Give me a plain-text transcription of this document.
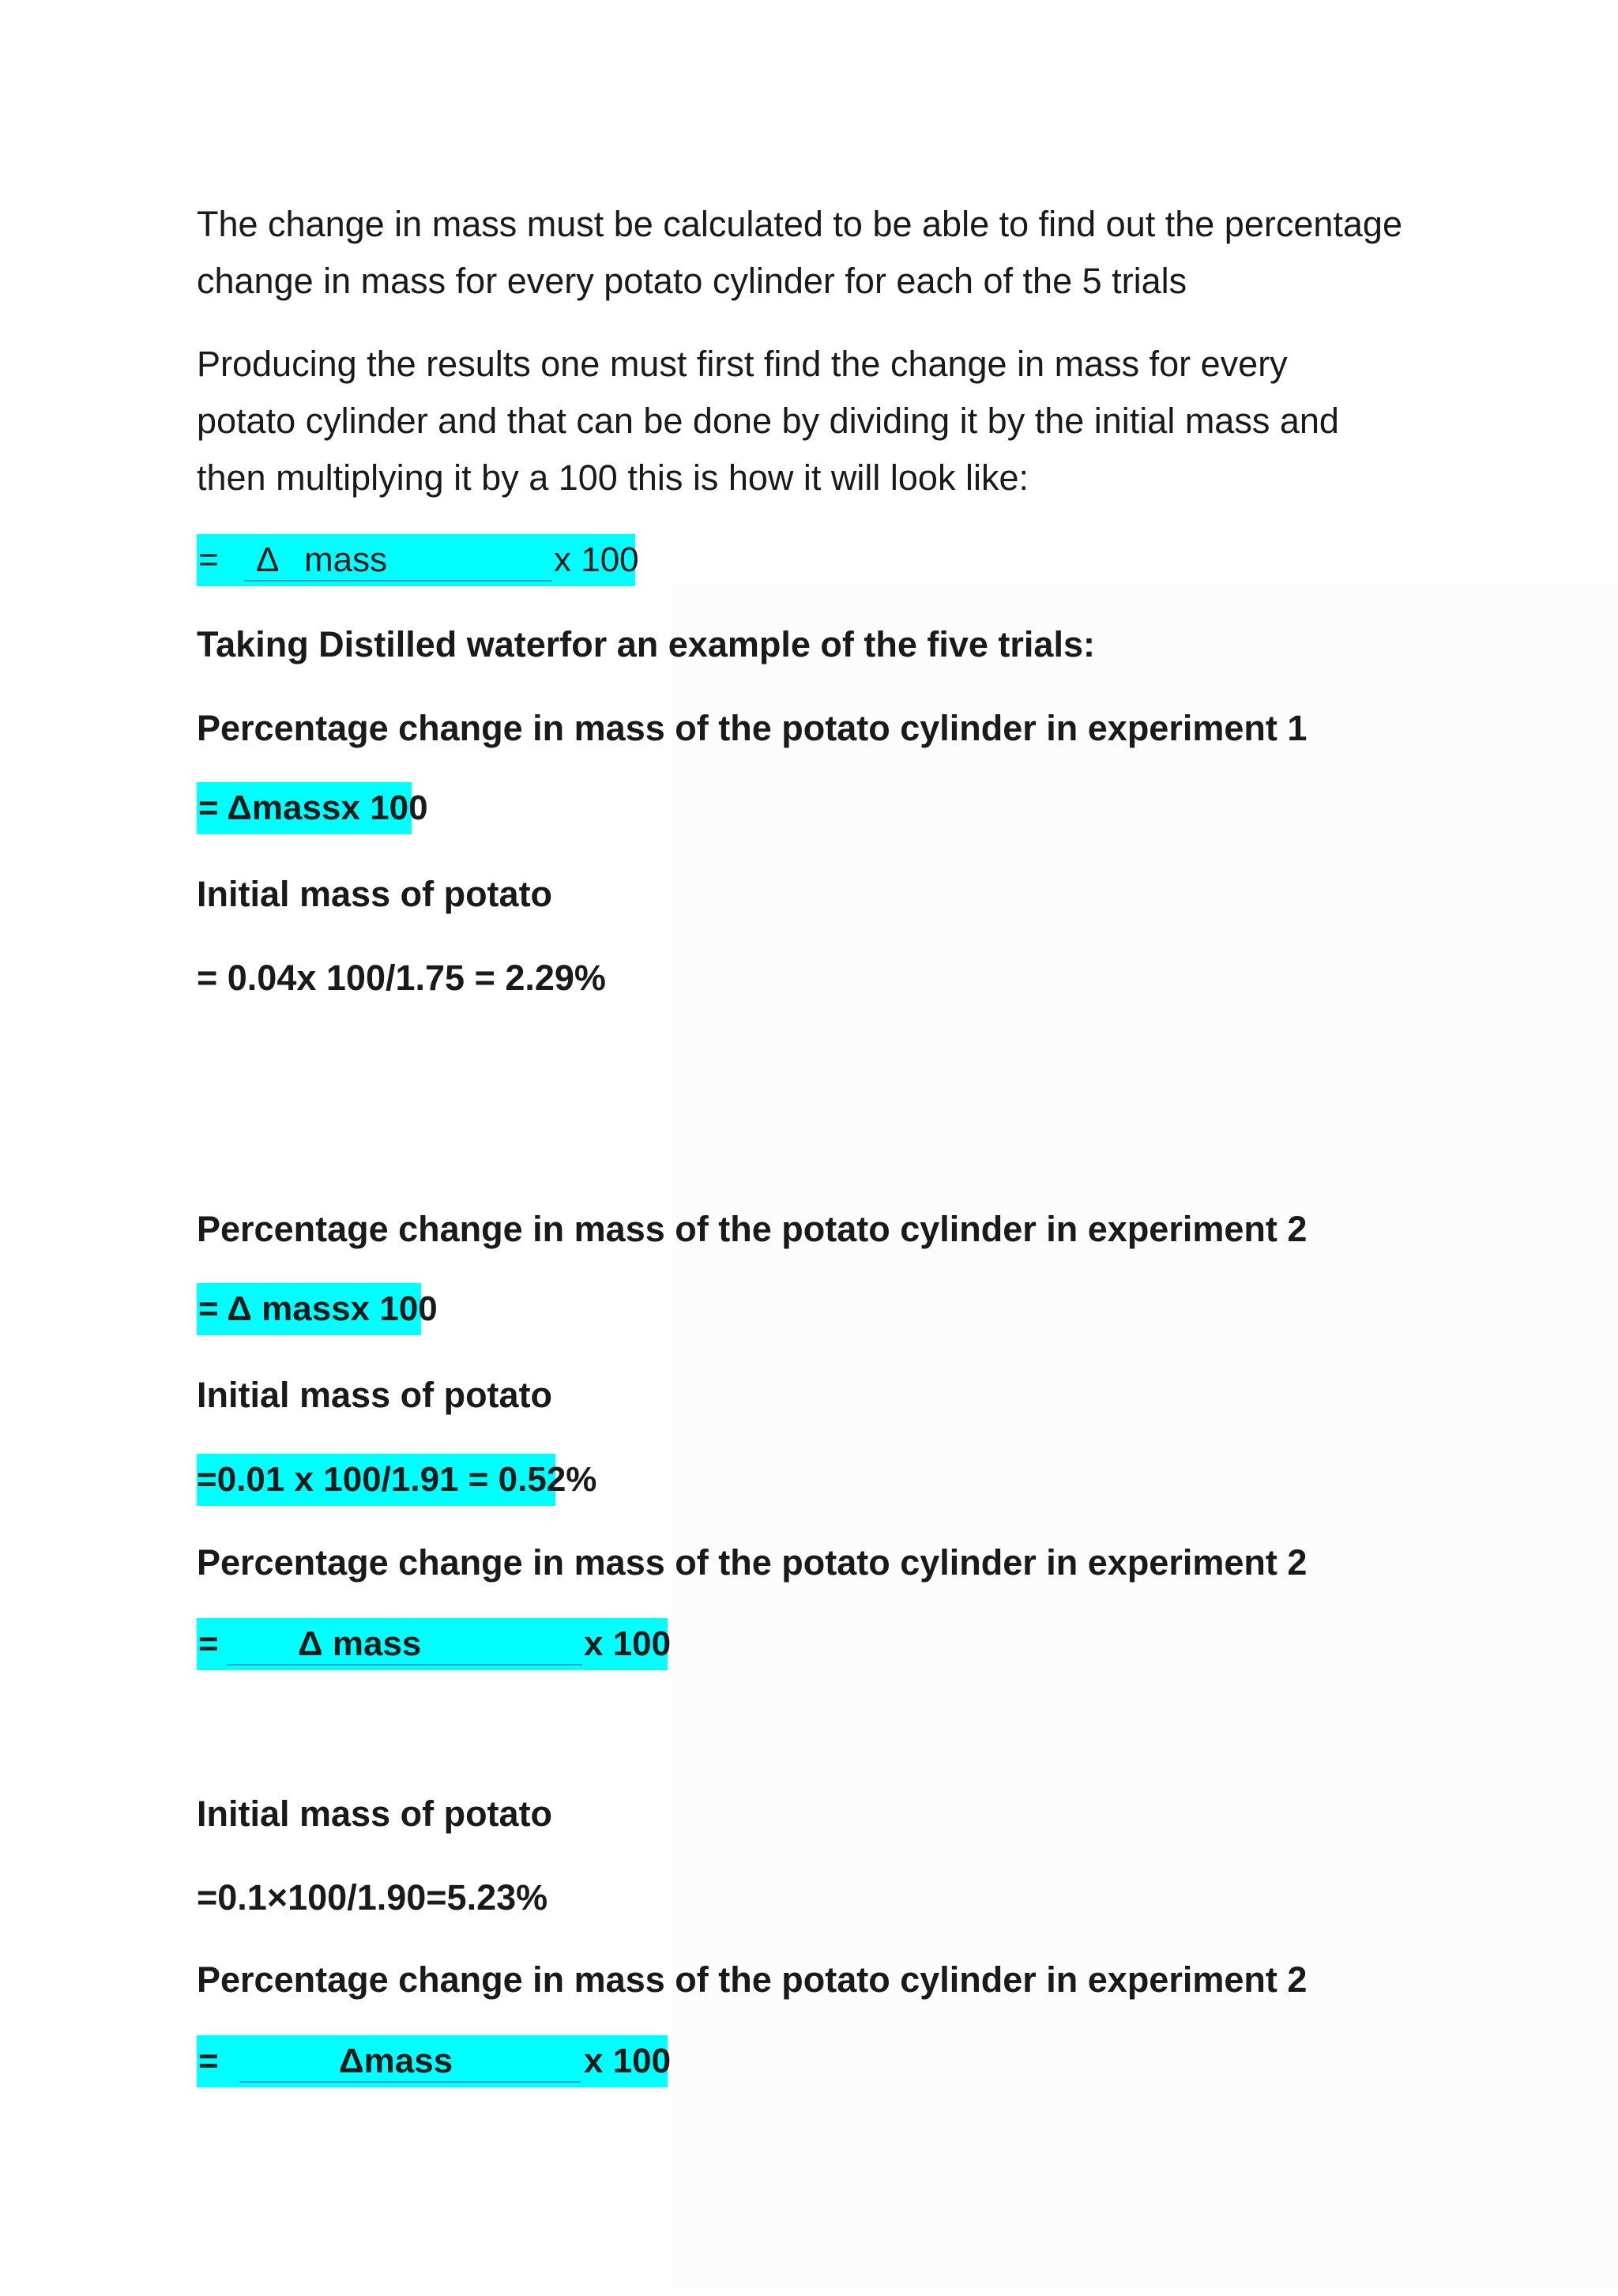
The change in mass must be calculated to be able to find out the percentage
change in mass for every potato cylinder for each of the 5 trials
Producing the results one must first find the change in mass for every
potato cylinder and that can be done by dividing it by the initial mass and
then multiplying it by a 100 this is how it will look like:

=

Δ

mass

	x 100

Taking Distilled waterfor an example of the five trials:
Percentage change in mass of the potato cylinder in experiment 1

= Δmassx 100

Initial mass of potato
= 0.04x 100/1.75 = 2.29%
Percentage change in mass of the potato cylinder in experiment 2

= Δ massx 100

Initial mass of potato

=0.01 x 100/1.91 = 0.52%

Percentage change in mass of the potato cylinder in experiment 2

=

Δ mass

	x 100

Initial mass of potato
=0.1×100/1.90=5.23%
Percentage change in mass of the potato cylinder in experiment 2

=

	Δmass

	x 100
